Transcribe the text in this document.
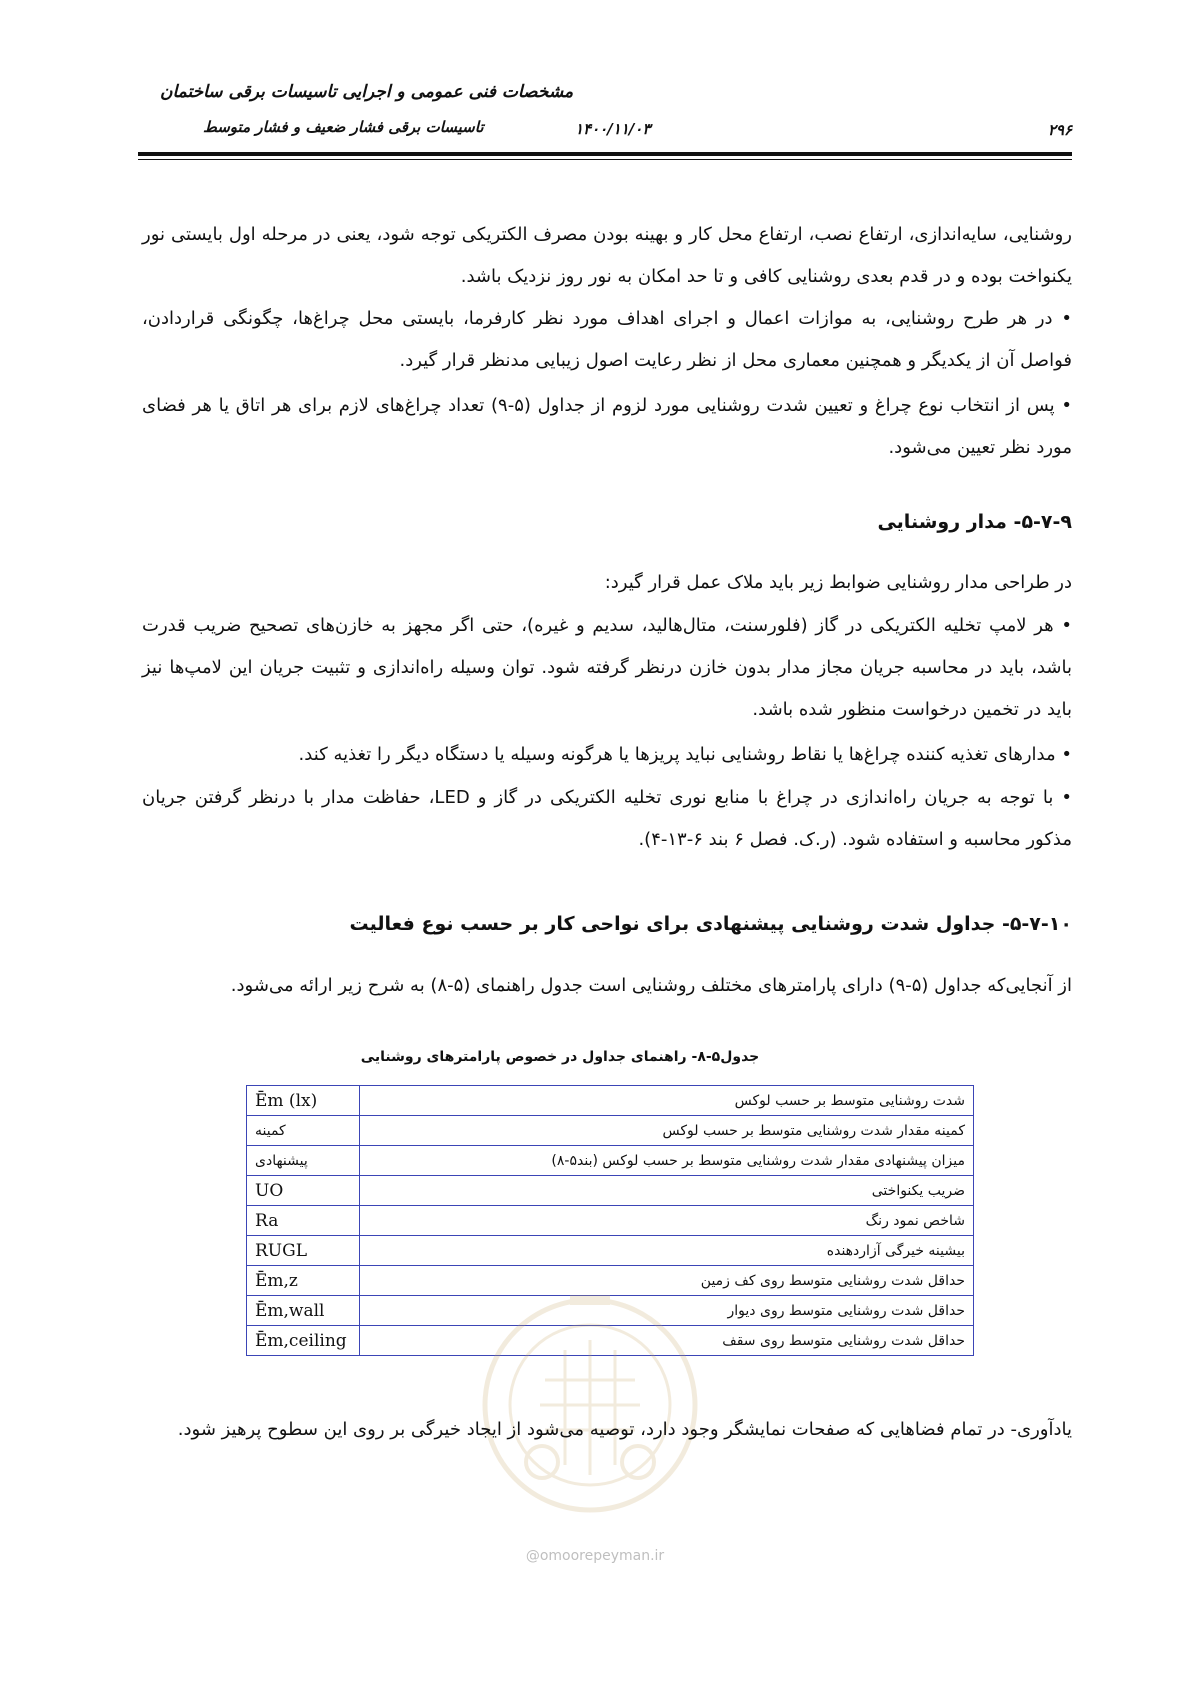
مشخصات فنی عمومی و اجرایی تاسیسات برقی ساختمان
تاسیسات برقی فشار ضعیف و فشار متوسط	۱۴۰۰/۱۱/۰۳	۲۹۶
روشنایی، سایه‌اندازی، ارتفاع نصب، ارتفاع محل کار و بهینه بودن مصرف الکتریکی توجه شود، یعنی در مرحله اول بایستی نور یکنواخت بوده و در قدم بعدی روشنایی کافی و تا حد امکان به نور روز نزدیک باشد.
• در هر طرح روشنایی، به موازات اعمال و اجرای اهداف مورد نظر کارفرما، بایستی محل چراغ‌ها، چگونگی قراردادن، فواصل آن از یکدیگر و همچنین معماری محل از نظر رعایت اصول زیبایی مدنظر قرار گیرد.
• پس از انتخاب نوع چراغ و تعیین شدت روشنایی مورد لزوم از جداول (۵-۹) تعداد چراغ‌های لازم برای هر اتاق یا هر فضای مورد نظر تعیین می‌شود.
۵-۷-۹- مدار روشنایی
در طراحی مدار روشنایی ضوابط زیر باید ملاک عمل قرار گیرد:
• هر لامپ تخلیه الکتریکی در گاز (فلورسنت، متال‌هالید، سدیم و غیره)، حتی اگر مجهز به خازن‌های تصحیح ضریب قدرت باشد، باید در محاسبه جریان مجاز مدار بدون خازن درنظر گرفته شود. توان وسیله راه‌اندازی و تثبیت جریان این لامپ‌ها نیز باید در تخمین درخواست منظور شده باشد.
• مدارهای تغذیه کننده چراغ‌ها یا نقاط روشنایی نباید پریزها یا هرگونه وسیله یا دستگاه دیگر را تغذیه کند.
• با توجه به جریان راه‌اندازی در چراغ با منابع نوری تخلیه الکتریکی در گاز و LED، حفاظت مدار با درنظر گرفتن جریان مذکور محاسبه و استفاده شود. (ر.ک. فصل ۶ بند ۶-۱۳-۴).
۵-۷-۱۰- جداول شدت روشنایی پیشنهادی برای نواحی کار بر حسب نوع فعالیت
از آنجایی‌که جداول (۵-۹) دارای پارامترهای مختلف روشنایی است جدول راهنمای (۵-۸) به شرح زیر ارائه می‌شود.
جدول۵-۸- راهنمای جداول در خصوص پارامترهای روشنایی
Ēm (lx)	شدت روشنایی متوسط بر حسب لوکس
کمینه	کمینه مقدار شدت روشنایی متوسط بر حسب لوکس
پیشنهادی	میزان پیشنهادی مقدار شدت روشنایی متوسط بر حسب لوکس (بند۵-۸)
UO	ضریب یکنواختی
Ra	شاخص نمود رنگ
RUGL	بیشینه خیرگی آزاردهنده
Ēm,z	حداقل شدت روشنایی متوسط روی کف زمین
Ēm,wall	حداقل شدت روشنایی متوسط روی دیوار
Ēm,ceiling	حداقل شدت روشنایی متوسط روی سقف
@omoorepeyman.ir
یادآوری- در تمام فضاهایی که صفحات نمایشگر وجود دارد، توصیه می‌شود از ایجاد خیرگی بر روی این سطوح پرهیز شود.
